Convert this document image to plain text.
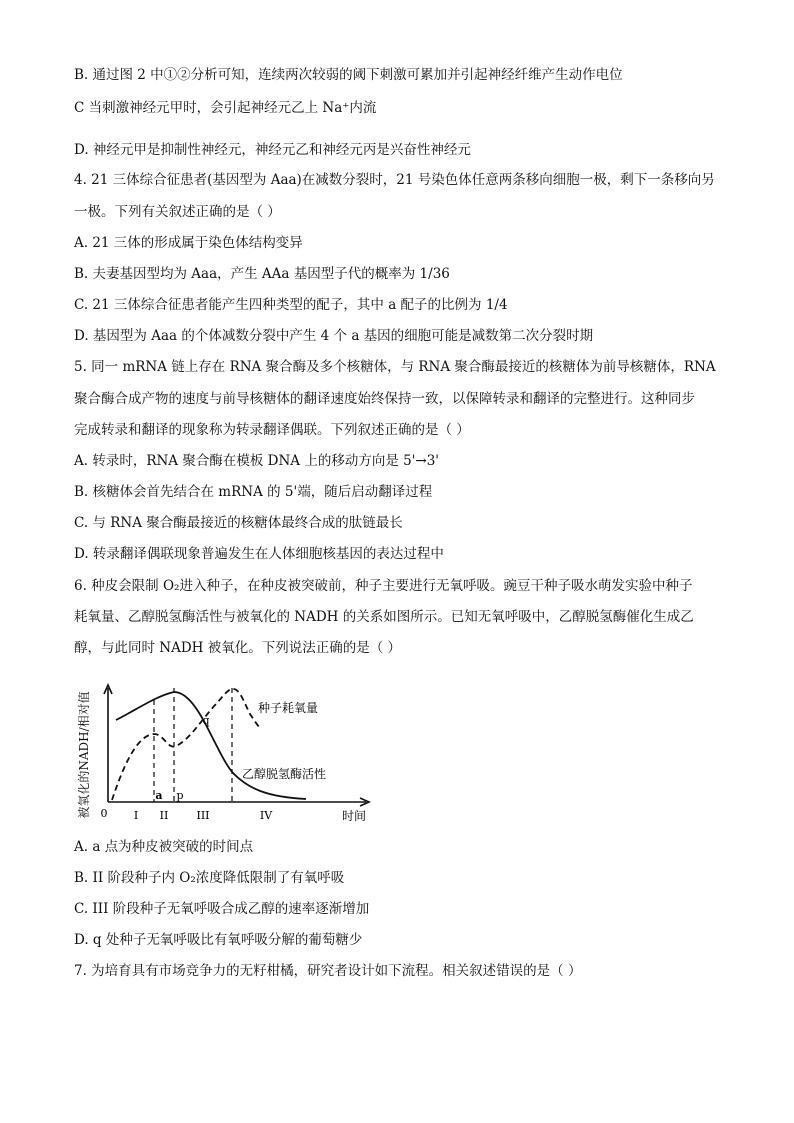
B. 通过图 2 中①②分析可知，连续两次较弱的阈下刺激可累加并引起神经纤维产生动作电位
C 当刺激神经元甲时，会引起神经元乙上 Na⁺内流
D. 神经元甲是抑制性神经元，神经元乙和神经元丙是兴奋性神经元
4. 21 三体综合征患者(基因型为 Aaa)在减数分裂时，21 号染色体任意两条移向细胞一极，剩下一条移向另
一极。下列有关叙述正确的是（ ）
A. 21 三体的形成属于染色体结构变异
B. 夫妻基因型均为 Aaa，产生 AAa 基因型子代的概率为 1/36
C. 21 三体综合征患者能产生四种类型的配子，其中 a 配子的比例为 1/4
D. 基因型为 Aaa 的个体减数分裂中产生 4 个 a 基因的细胞可能是减数第二次分裂时期
5. 同一 mRNA 链上存在 RNA 聚合酶及多个核糖体，与 RNA 聚合酶最接近的核糖体为前导核糖体，RNA
聚合酶合成产物的速度与前导核糖体的翻译速度始终保持一致，以保障转录和翻译的完整进行。这种同步
完成转录和翻译的现象称为转录翻译偶联。下列叙述正确的是（ ）
A. 转录时，RNA 聚合酶在模板 DNA 上的移动方向是 5'→3'
B. 核糖体会首先结合在 mRNA 的 5'端，随后启动翻译过程
C. 与 RNA 聚合酶最接近的核糖体最终合成的肽链最长
D. 转录翻译偶联现象普遍发生在人体细胞核基因的表达过程中
6. 种皮会限制 O₂进入种子，在种皮被突破前，种子主要进行无氧呼吸。豌豆干种子吸水萌发实验中种子
耗氧量、乙醇脱氢酶活性与被氧化的 NADH 的关系如图所示。已知无氧呼吸中，乙醇脱氢酶催化生成乙
醇，与此同时 NADH 被氧化。下列说法正确的是（ ）
被氧化的NADH/相对值 0	时间
I II	III	IV
a p
q
种子耗氧量
乙醇脱氢酶活性
A. a 点为种皮被突破的时间点
B. II 阶段种子内 O₂浓度降低限制了有氧呼吸
C. III 阶段种子无氧呼吸合成乙醇的速率逐渐增加
D. q 处种子无氧呼吸比有氧呼吸分解的葡萄糖少
7. 为培育具有市场竞争力的无籽柑橘，研究者设计如下流程。相关叙述错误的是（ ）
